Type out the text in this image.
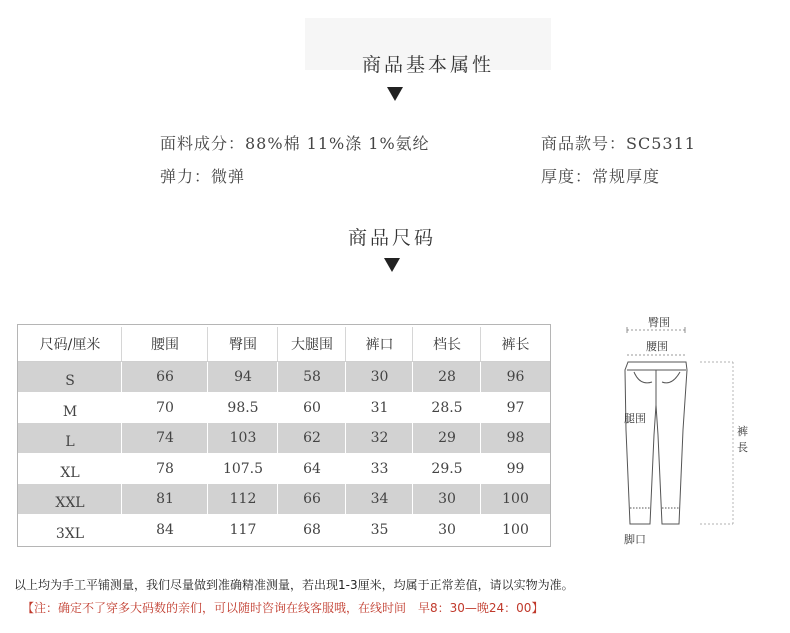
商品基本属性
面料成分：88%棉 11%涤 1%氨纶	商品款号：SC5311
弹力：微弹	厚度：常规厚度
商品尺码
尺码/厘米	腰围	臀围	大腿围	裤口	档长	裤长
S	66	94	58	30	28	96
M	70	98.5	60	31	28.5	97
L	74	103	62	32	29	98
XL	78	107.5	64	33	29.5	99
XXL	81	112	66	34	30	100
3XL	84	117	68	35	30	100
臀围
腰围
腿围
裤
長
脚口
以上均为手工平铺测量，我们尽量做到准确精准测量，若出现1-3厘米，均属于正常差值，请以实物为准。
【注：确定不了穿多大码数的亲们，可以随时咨询在线客服哦，在线时间　早8：30—晚24：00】
